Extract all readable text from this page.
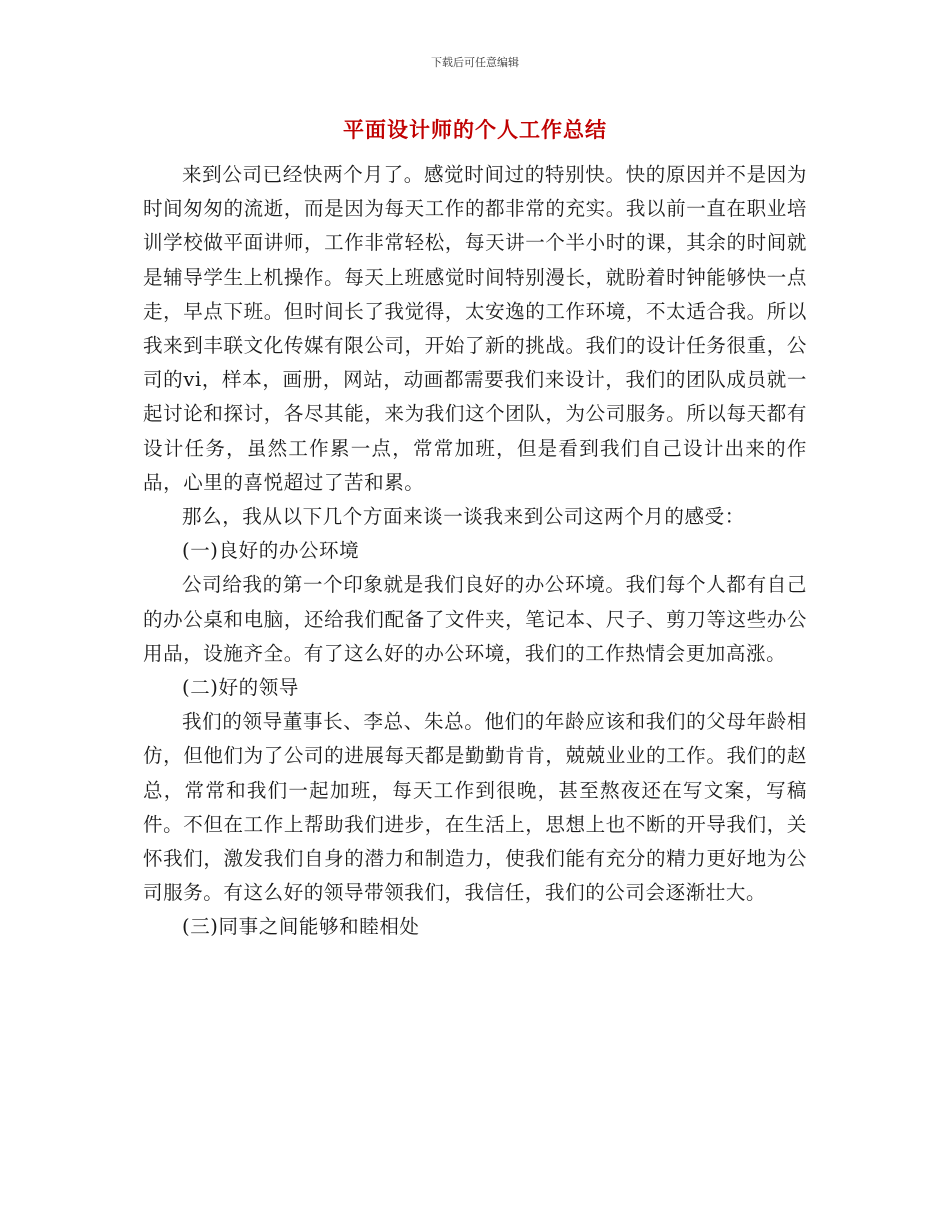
下载后可任意编辑
平面设计师的个人工作总结

来到公司已经快两个月了。感觉时间过的特别快。快的原因并不是因为时间匆匆的流逝，而是因为每天工作的都非常的充实。我以前一直在职业培训学校做平面讲师，工作非常轻松，每天讲一个半小时的课，其余的时间就是辅导学生上机操作。每天上班感觉时间特别漫长，就盼着时钟能够快一点走，早点下班。但时间长了我觉得，太安逸的工作环境，不太适合我。所以我来到丰联文化传媒有限公司，开始了新的挑战。我们的设计任务很重，公司的vi，样本，画册，网站，动画都需要我们来设计，我们的团队成员就一起讨论和探讨，各尽其能，来为我们这个团队，为公司服务。所以每天都有设计任务，虽然工作累一点，常常加班，但是看到我们自己设计出来的作品，心里的喜悦超过了苦和累。

那么，我从以下几个方面来谈一谈我来到公司这两个月的感受：

(一)良好的办公环境

公司给我的第一个印象就是我们良好的办公环境。我们每个人都有自己的办公桌和电脑，还给我们配备了文件夹，笔记本、尺子、剪刀等这些办公用品，设施齐全。有了这么好的办公环境，我们的工作热情会更加高涨。

(二)好的领导

我们的领导董事长、李总、朱总。他们的年龄应该和我们的父母年龄相仿，但他们为了公司的进展每天都是勤勤肯肯，兢兢业业的工作。我们的赵总，常常和我们一起加班，每天工作到很晚，甚至熬夜还在写文案，写稿件。不但在工作上帮助我们进步，在生活上，思想上也不断的开导我们，关怀我们，激发我们自身的潜力和制造力，使我们能有充分的精力更好地为公司服务。有这么好的领导带领我们，我信任，我们的公司会逐渐壮大。

(三)同事之间能够和睦相处
